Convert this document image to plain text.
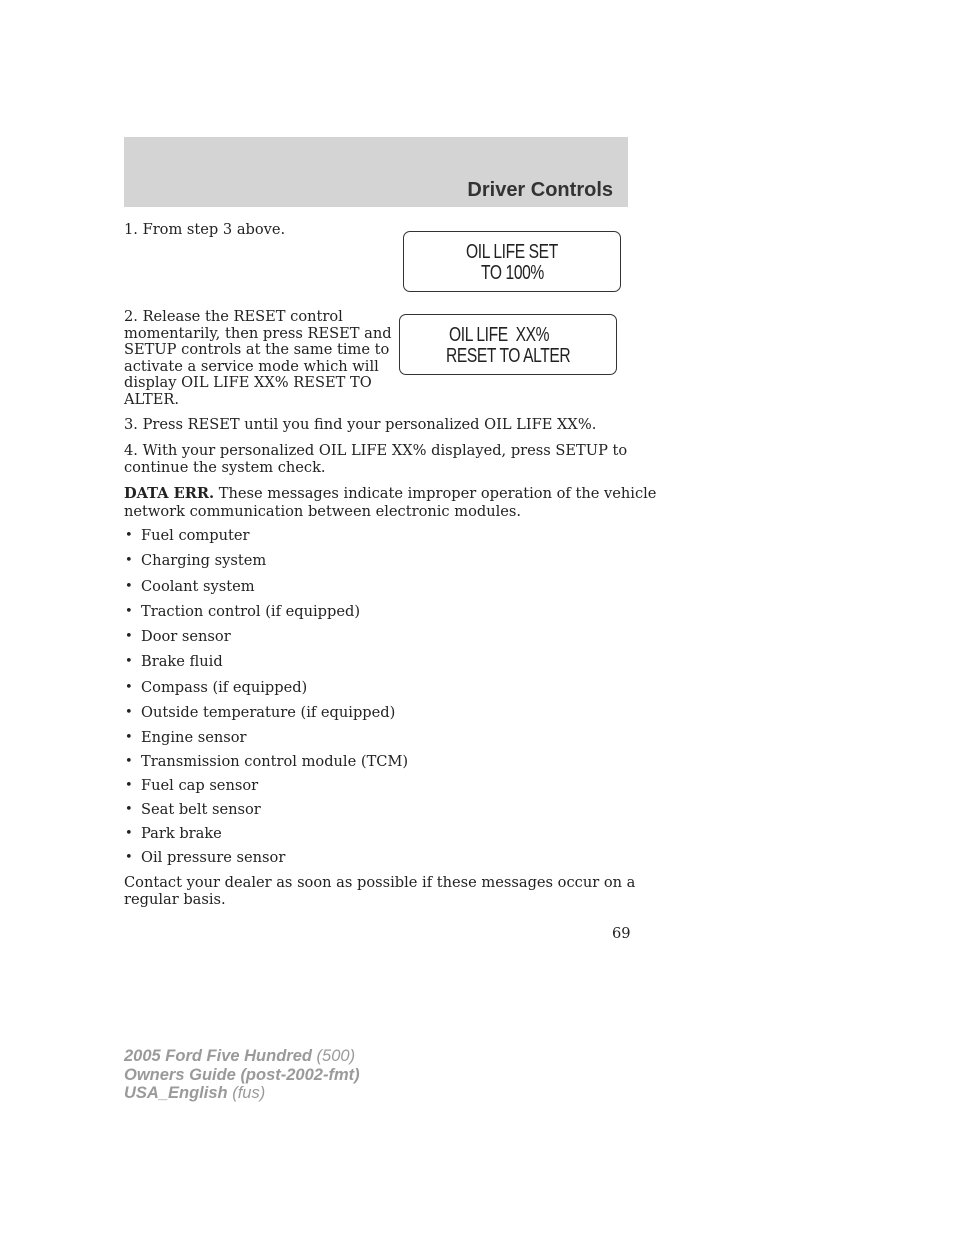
Driver Controls

1. From step 3 above.

OIL LIFE SET
TO 100%

2. Release the RESET control

momentarily, then press RESET and

SETUP controls at the same time to

activate a service mode which will

display OIL LIFE XX% RESET TO

ALTER.

OIL LIFE  XX%
RESET TO ALTER

3. Press RESET until you find your personalized OIL LIFE XX%.

4. With your personalized OIL LIFE XX% displayed, press SETUP to

continue the system check.

DATA ERR. These messages indicate improper operation of the vehicle

network communication between electronic modules.

• Fuel computer
• Charging system
• Coolant system
• Traction control (if equipped)
• Door sensor
• Brake fluid
• Compass (if equipped)
• Outside temperature (if equipped)
• Engine sensor
• Transmission control module (TCM)
• Fuel cap sensor
• Seat belt sensor
• Park brake
• Oil pressure sensor

Contact your dealer as soon as possible if these messages occur on a

regular basis.

69
2005 Ford Five Hundred (500)
Owners Guide (post-2002-fmt)
USA_English (fus)
